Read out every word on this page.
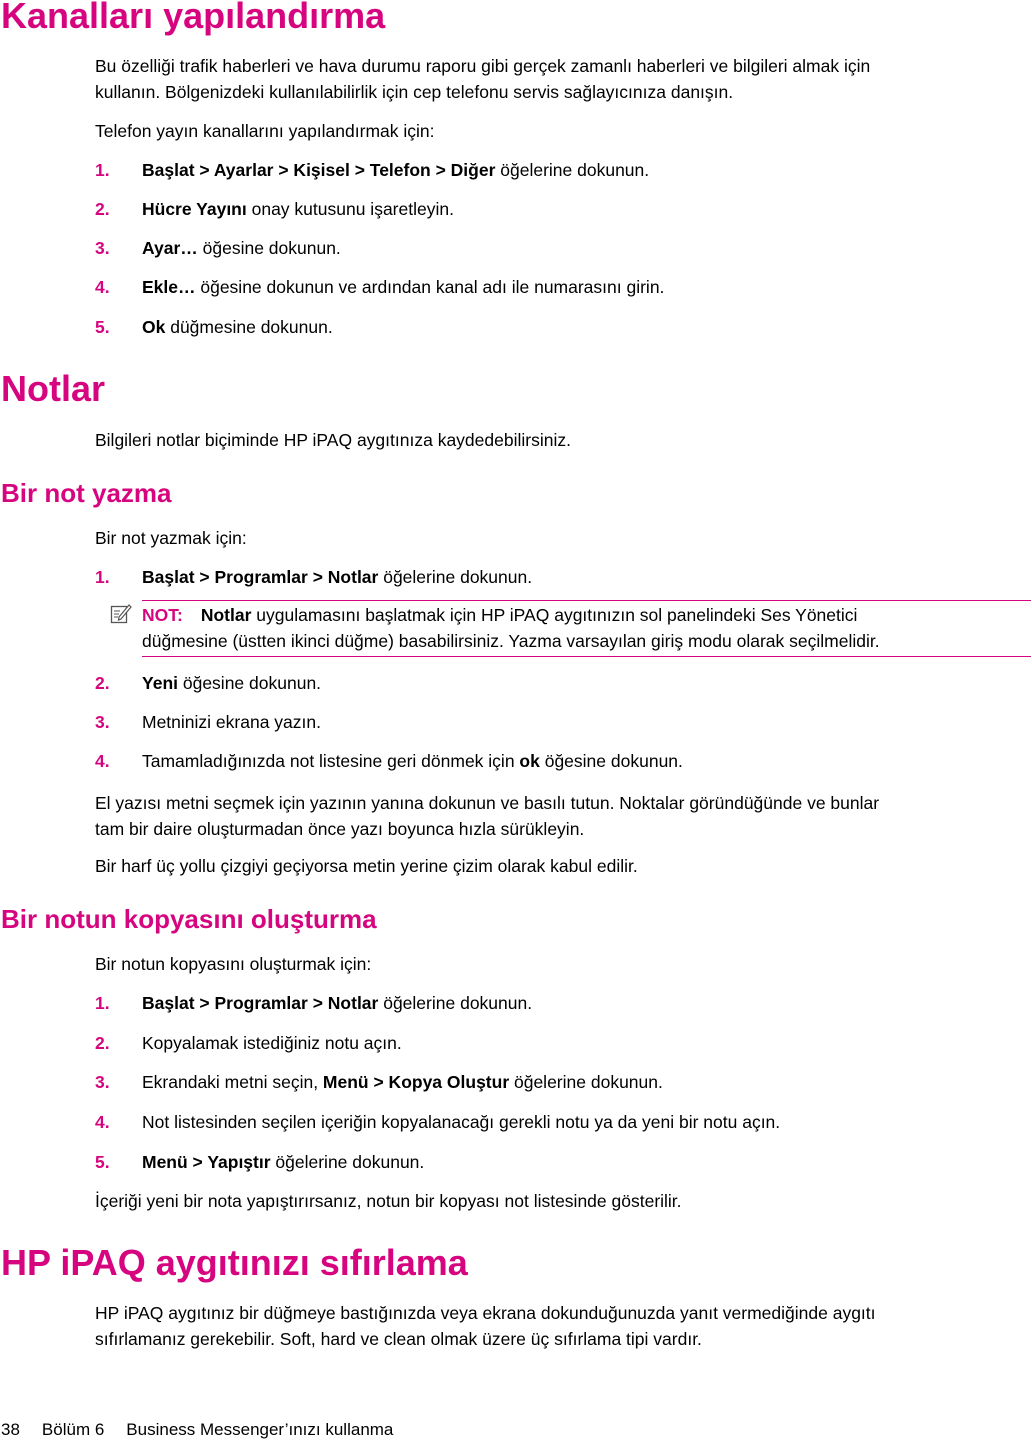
Kanalları yapılandırma

Bu özelliği trafik haberleri ve hava durumu raporu gibi gerçek zamanlı haberleri ve bilgileri almak için

kullanın. Bölgenizdeki kullanılabilirlik için cep telefonu servis sağlayıcınıza danışın.

Telefon yayın kanallarını yapılandırmak için:

1. Başlat > Ayarlar > Kişisel > Telefon > Diğer öğelerine dokunun.
2. Hücre Yayını onay kutusunu işaretleyin.
3. Ayar… öğesine dokunun.
4. Ekle… öğesine dokunun ve ardından kanal adı ile numarasını girin.
5. Ok düğmesine dokunun.
Notlar

Bilgileri notlar biçiminde HP iPAQ aygıtınıza kaydedebilirsiniz.

Bir not yazma

Bir not yazmak için:

1. Başlat > Programlar > Notlar öğelerine dokunun.
NOT: Notlar uygulamasını başlatmak için HP iPAQ aygıtınızın sol panelindeki Ses Yönetici
düğmesine (üstten ikinci düğme) basabilirsiniz. Yazma varsayılan giriş modu olarak seçilmelidir.
2. Yeni öğesine dokunun.
3. Metninizi ekrana yazın.
4. Tamamladığınızda not listesine geri dönmek için ok öğesine dokunun.

El yazısı metni seçmek için yazının yanına dokunun ve basılı tutun. Noktalar göründüğünde ve bunlar

tam bir daire oluşturmadan önce yazı boyunca hızla sürükleyin.

Bir harf üç yollu çizgiyi geçiyorsa metin yerine çizim olarak kabul edilir.

Bir notun kopyasını oluşturma

Bir notun kopyasını oluşturmak için:

1. Başlat > Programlar > Notlar öğelerine dokunun.
2. Kopyalamak istediğiniz notu açın.
3. Ekrandaki metni seçin, Menü > Kopya Oluştur öğelerine dokunun.
4. Not listesinden seçilen içeriğin kopyalanacağı gerekli notu ya da yeni bir notu açın.
5. Menü > Yapıştır öğelerine dokunun.

İçeriği yeni bir nota yapıştırırsanız, notun bir kopyası not listesinde gösterilir.

HP iPAQ aygıtınızı sıfırlama

HP iPAQ aygıtınız bir düğmeye bastığınızda veya ekrana dokunduğunuzda yanıt vermediğinde aygıtı

sıfırlamanız gerekebilir. Soft, hard ve clean olmak üzere üç sıfırlama tipi vardır.

38 Bölüm 6 Business Messenger’ınızı kullanma
